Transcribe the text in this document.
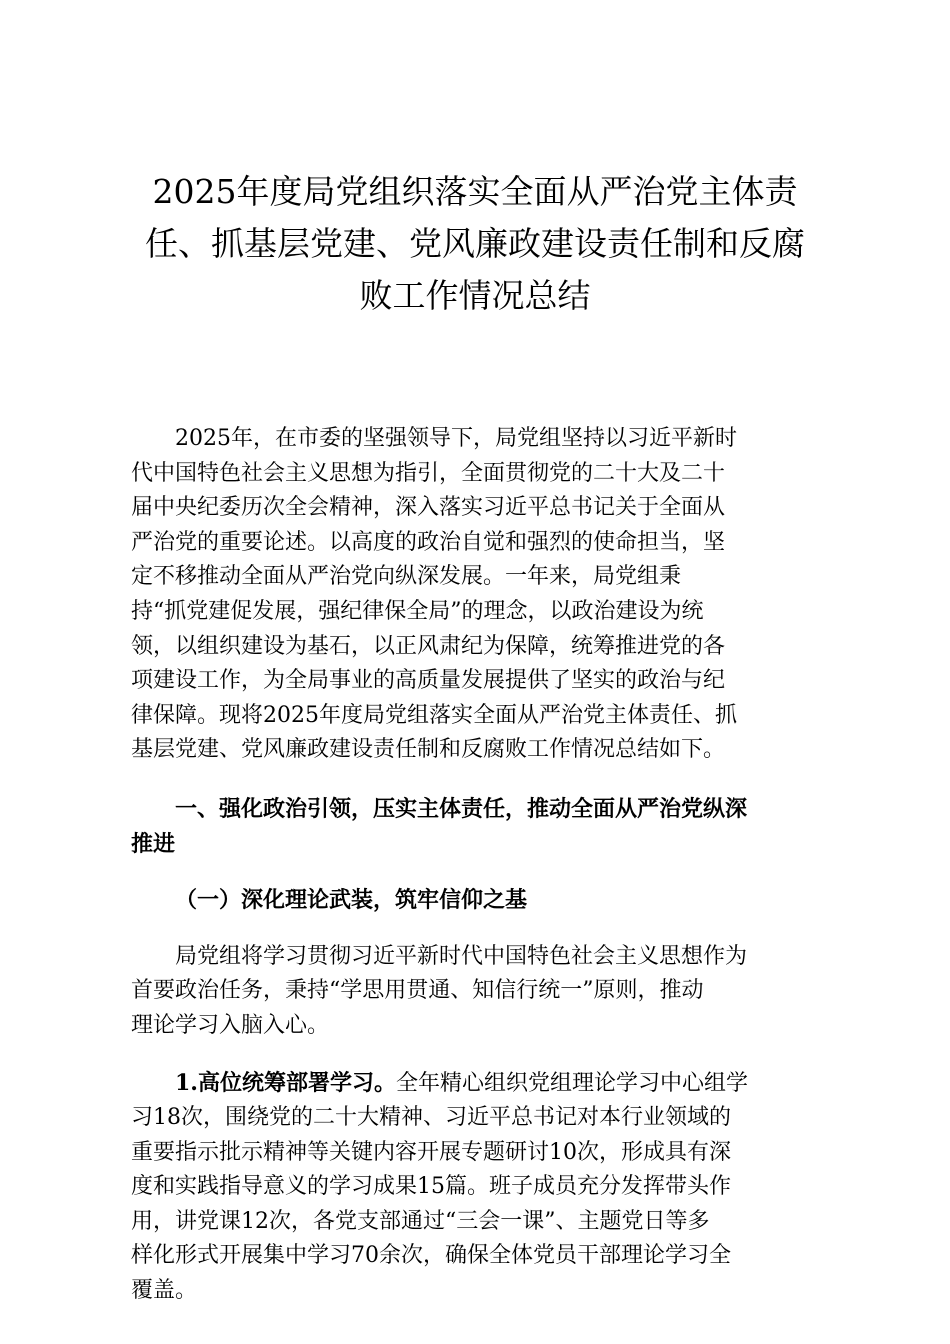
2025年度局党组织落实全面从严治党主体责
任、抓基层党建、党风廉政建设责任制和反腐
败工作情况总结
2025年，在市委的坚强领导下，局党组坚持以习近平新时
代中国特色社会主义思想为指引，全面贯彻党的二十大及二十
届中央纪委历次全会精神，深入落实习近平总书记关于全面从
严治党的重要论述。以高度的政治自觉和强烈的使命担当，坚
定不移推动全面从严治党向纵深发展。一年来，局党组秉
持“抓党建促发展，强纪律保全局”的理念，以政治建设为统
领，以组织建设为基石，以正风肃纪为保障，统筹推进党的各
项建设工作，为全局事业的高质量发展提供了坚实的政治与纪
律保障。现将2025年度局党组落实全面从严治党主体责任、抓
基层党建、党风廉政建设责任制和反腐败工作情况总结如下。
一、强化政治引领，压实主体责任，推动全面从严治党纵深
推进
（一）深化理论武装，筑牢信仰之基
局党组将学习贯彻习近平新时代中国特色社会主义思想作为
首要政治任务，秉持“学思用贯通、知信行统一”原则，推动
理论学习入脑入心。
1.高位统筹部署学习。全年精心组织党组理论学习中心组学
习18次，围绕党的二十大精神、习近平总书记对本行业领域的
重要指示批示精神等关键内容开展专题研讨10次，形成具有深
度和实践指导意义的学习成果15篇。班子成员充分发挥带头作
用，讲党课12次，各党支部通过“三会一课”、主题党日等多
样化形式开展集中学习70余次，确保全体党员干部理论学习全
覆盖。
